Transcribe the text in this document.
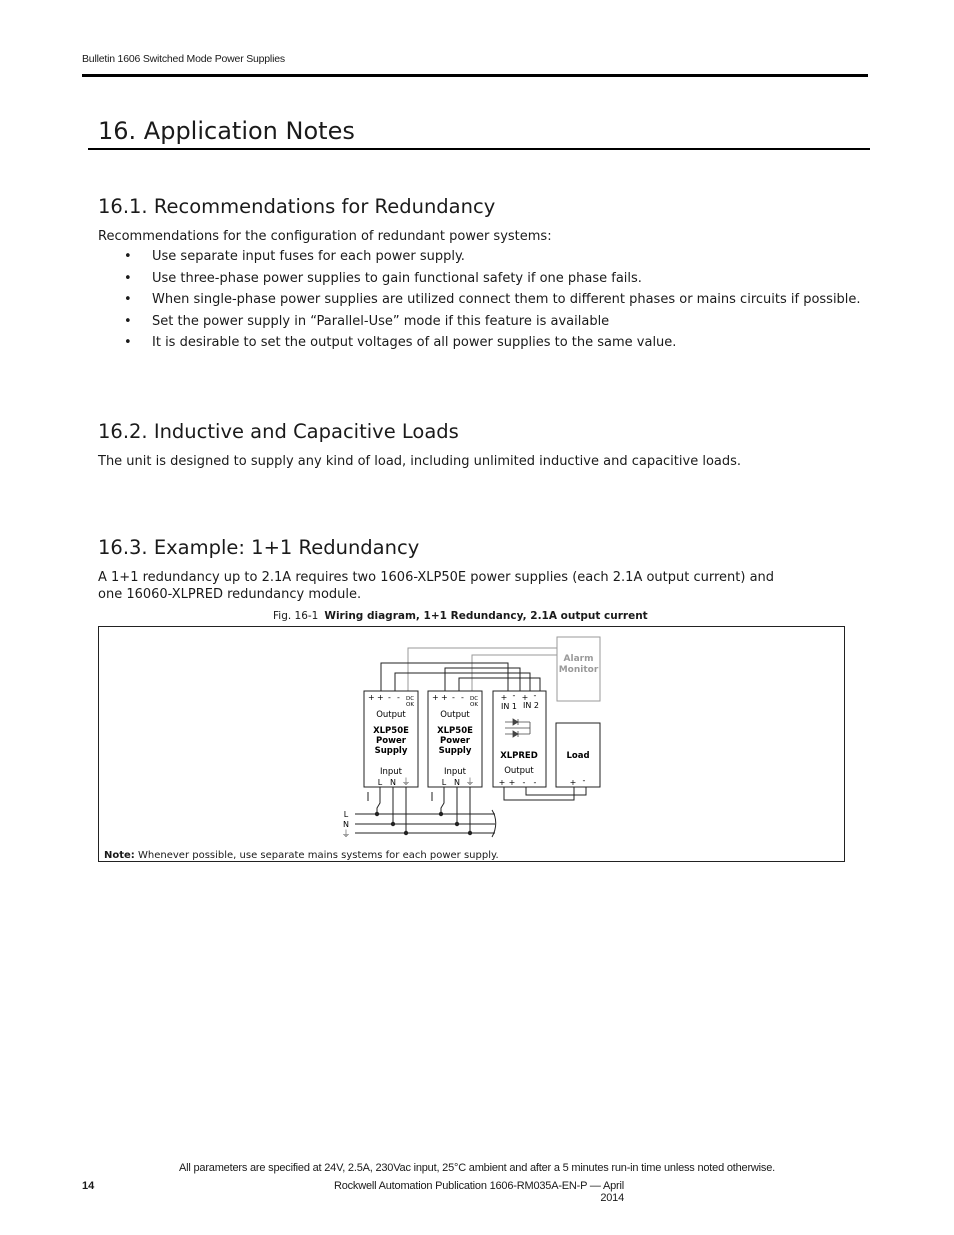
Bulletin 1606 Switched Mode Power Supplies
16. Application Notes
16.1. Recommendations for Redundancy

Recommendations for the configuration of redundant power systems:

• Use separate input fuses for each power supply.
• Use three-phase power supplies to gain functional safety if one phase fails.
• When single-phase power supplies are utilized connect them to different phases or mains circuits if possible.
• Set the power supply in “Parallel-Use” mode if this feature is available
• It is desirable to set the output voltages of all power supplies to the same value.
16.2. Inductive and Capacitive Loads

The unit is designed to supply any kind of load, including unlimited inductive and capacitive loads.

16.3. Example: 1+1 Redundancy

A 1+1 redundancy up to 2.1A requires two 1606-XLP50E power supplies (each 2.1A output current) and one 16060-XLPRED redundancy module.

Fig. 16-1 Wiring diagram, 1+1 Redundancy, 2.1A output current
Alarm
Monitor
+ + - - DC
OK
Output
XLP50E
Power
Supply
Input
L N ⏚
+ + - - DC
OK
Output
XLP50E
Power
Supply
Input
L N ⏚
+ - + -
IN 1 IN 2
XLPRED
Output
+ + - -
Load
+ -
L
N
⏚
Note: Whenever possible, use separate mains systems for each power supply.
All parameters are specified at 24V, 2.5A, 230Vac input, 25°C ambient and after a 5 minutes run-in time unless noted otherwise.
14	Rockwell Automation Publication 1606-RM035A-EN-P — April 2014
